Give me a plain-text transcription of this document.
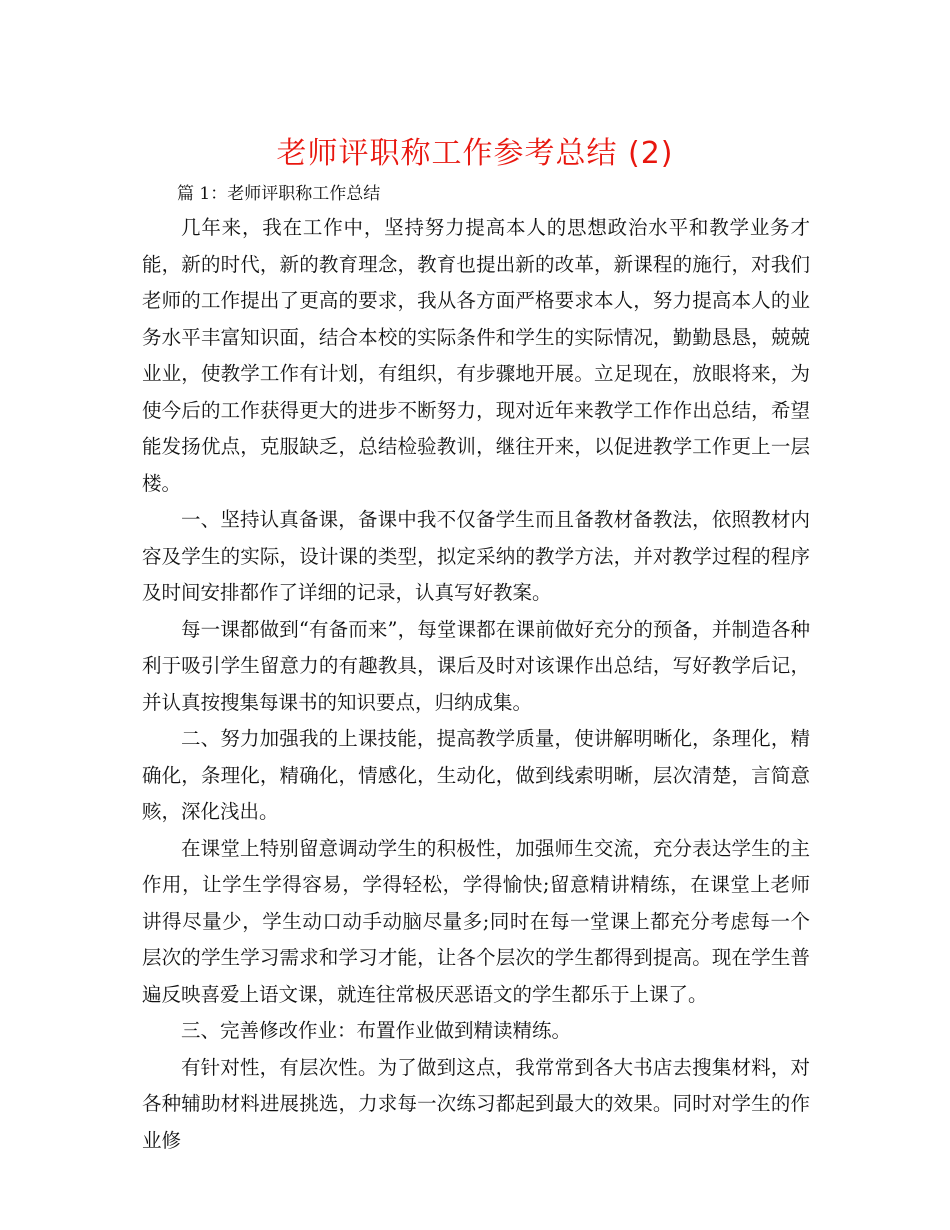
老师评职称工作参考总结 (2)
篇 1：老师评职称工作总结

几年来，我在工作中，坚持努力提高本人的思想政治水平和教学业务才能，新的时代，新的教育理念，教育也提出新的改革，新课程的施行，对我们老师的工作提出了更高的要求，我从各方面严格要求本人，努力提高本人的业务水平丰富知识面，结合本校的实际条件和学生的实际情况，勤勤恳恳，兢兢业业，使教学工作有计划，有组织，有步骤地开展。立足现在，放眼将来，为使今后的工作获得更大的进步不断努力，现对近年来教学工作作出总结，希望能发扬优点，克服缺乏，总结检验教训，继往开来，以促进教学工作更上一层楼。

一、坚持认真备课，备课中我不仅备学生而且备教材备教法，依照教材内容及学生的实际，设计课的类型，拟定采纳的教学方法，并对教学过程的程序及时间安排都作了详细的记录，认真写好教案。

每一课都做到“有备而来”，每堂课都在课前做好充分的预备，并制造各种利于吸引学生留意力的有趣教具，课后及时对该课作出总结，写好教学后记，并认真按搜集每课书的知识要点，归纳成集。

二、努力加强我的上课技能，提高教学质量，使讲解明晰化，条理化，精确化，条理化，精确化，情感化，生动化，做到线索明晰，层次清楚，言简意赅，深化浅出。

在课堂上特别留意调动学生的积极性，加强师生交流，充分表达学生的主作用，让学生学得容易，学得轻松，学得愉快;留意精讲精练，在课堂上老师讲得尽量少，学生动口动手动脑尽量多;同时在每一堂课上都充分考虑每一个层次的学生学习需求和学习才能，让各个层次的学生都得到提高。现在学生普遍反映喜爱上语文课，就连往常极厌恶语文的学生都乐于上课了。

三、完善修改作业：布置作业做到精读精练。

有针对性，有层次性。为了做到这点，我常常到各大书店去搜集材料，对各种辅助材料进展挑选，力求每一次练习都起到最大的效果。同时对学生的作业修
